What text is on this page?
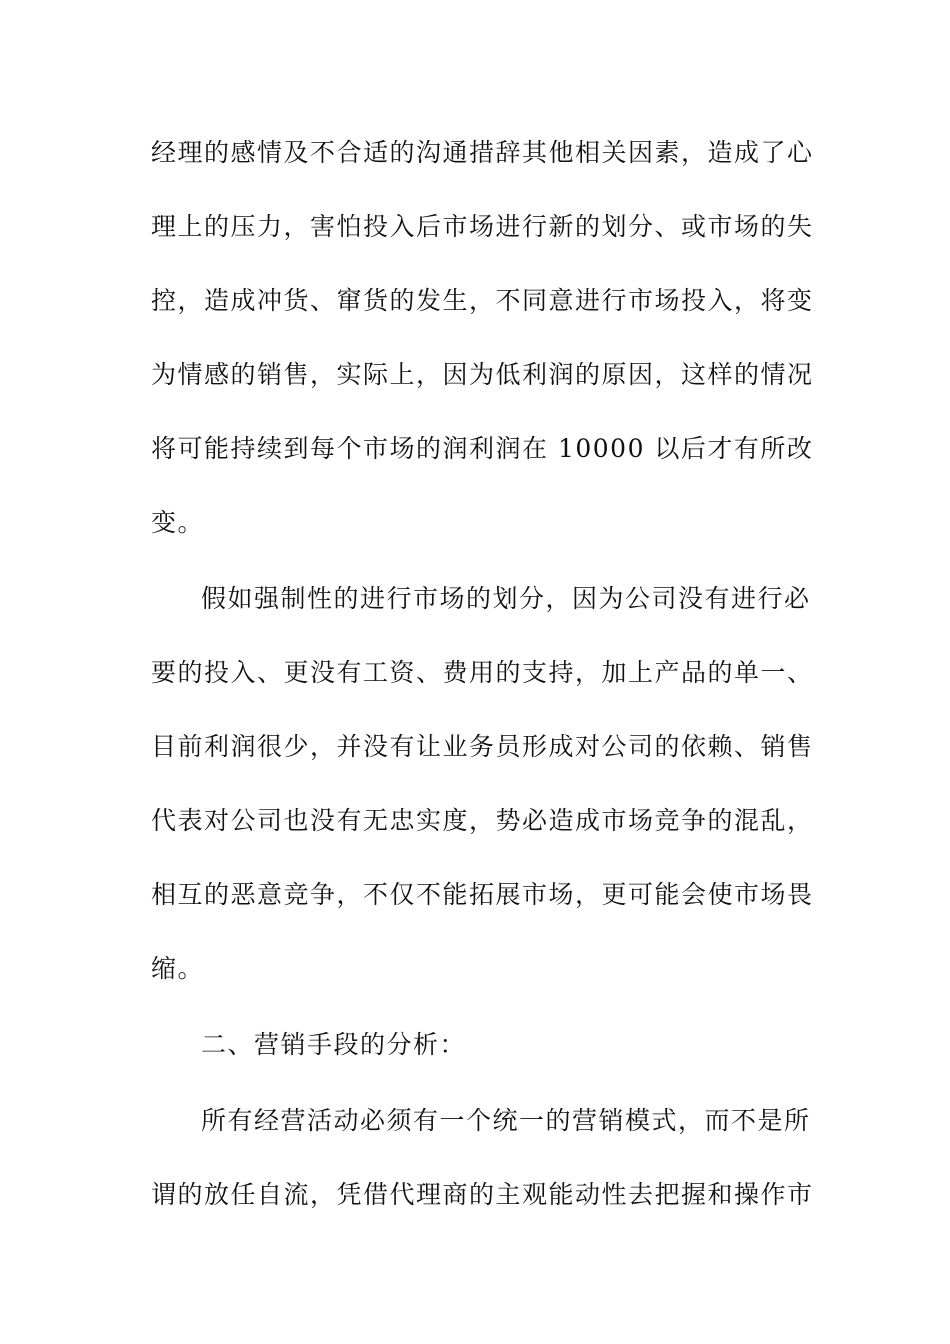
经理的感情及不合适的沟通措辞其他相关因素，造成了心
理上的压力，害怕投入后市场进行新的划分、或市场的失
控，造成冲货、窜货的发生，不同意进行市场投入，将变
为情感的销售，实际上，因为低利润的原因，这样的情况
将可能持续到每个市场的润利润在 10000 以后才有所改
变。
假如强制性的进行市场的划分，因为公司没有进行必
要的投入、更没有工资、费用的支持，加上产品的单一、
目前利润很少，并没有让业务员形成对公司的依赖、销售
代表对公司也没有无忠实度，势必造成市场竞争的混乱，
相互的恶意竞争，不仅不能拓展市场，更可能会使市场畏
缩。
二、营销手段的分析：
所有经营活动必须有一个统一的营销模式，而不是所
谓的放任自流，凭借代理商的主观能动性去把握和操作市
